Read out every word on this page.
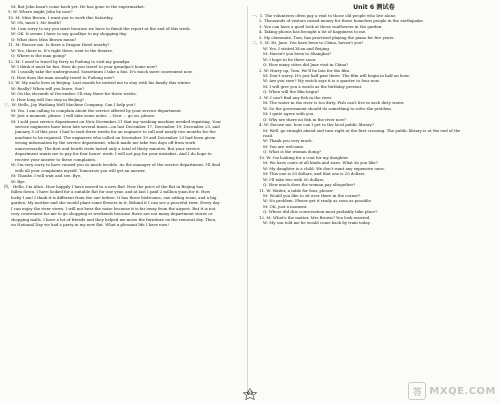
M: But John hasn't come back yet. He has gone to the supermarket.
9. W: Where might John be now?
10. M: Miss Brown, I want you to work this Saturday.
W: Oh, must I, Mr Smith?
M: I am sorry to say you must because we have to finish the report at the end of this week.
W: OK. It seems I have to say goodbye to my shopping day.
Q: What does Miss Brown mean?
11. M: Excuse me. Is there a Dragon Hotel nearby?
W: Yes, there is. It's right there, next to the theatre.
Q: Where is the man going?
12. M: I used to travel by ferry in Pudong to visit my grandpa.
W: I think it must be fun. How do you travel to your grandpa's home now?
M: I usually take the underground. Sometimes I take a bus. It's much more convenient now.
Q: How does the man usually travel to Pudong now?
13. W: My uncle lives in Beijing. Last month he invited me to stay with his family this winter.
W: Really? When will you leave, Sue?
W: On the eleventh of December. I'll stay there for three weeks.
Q: How long will Sue stay in Beijing?
三、W: Hello, Joy Washing Well Machine Company. Can I help you?
M: Yes. I am calling to complain about the service offered by your service department.
W: Just a moment, please. I will take some notes. ...Now ... go on, please.
M: I sold your service department on New November 21 that my washing machine needed repairing. Your
service engineers have been late several times—on last December 17, December 19, December 23, and
January 5 of this year. I had to wait three weeks for an engineer to call and nearly two months for the
machine to be repaired. The engineers who called on December 19 and December 23 had been given
wrong information by the service department, which made me take two days off from work
unnecessarily. The first and fourth visits lasted only a total of thirty minutes. But your service
department wants me to pay for four hours' work. I will not pay for your mistakes. And I do hope to
receive your answer to these complaints.
W: I'm very sorry to have caused you so much trouble. As the manager of the service department, I'll deal
with all your complaints myself. Tomorrow you will get an answer.
M: Thanks. I will wait and see. Bye.
W: Bye.
四、 Hello, I'm Alice. How happily I have moved to a new flat! Now the price of the flat in Beijing has
fallen down. I have looked for a suitable flat for one year, and at last I paid 2 million yuan for it. How
lucky I am! I think it is different from the one before. It has three bedrooms, one sitting room, and a big
garden. My mother and she would plant some flowers in it. Behind it I can see a peaceful river. Every day
I can enjoy the river views. I will not hear the noise because it is far away from the airport. But it is not
very convenient for me to go shopping at weekends because there are not many department stores or
shopping malls. I have a lot of friends and they helped me move the furniture on the removal day. Then,
on National Day we had a party in my new flat. What a pleasant life I have now!
Unit 6 测试卷
一、1. The volunteers often pay a visit to those old people who live alone.
2. Thousands of visitors raised money for those homeless people in the earthquake.
3. You can have a good look at those sunflowers in the garden.
4. Taking photos has brought a lot of happiness to me.
5. My classmate, Tom, has practised playing the piano for five years.
二、1. M: Hi, Jane. You have been to China, haven't you?
W: Yes, I visited Xi'an and Beijing.
M: Haven't you been to Shanghai?
W: I hope to be there soon.
Q: How many cities did Jane visit in China?
2. W: Hurry up, Tom. We'll be late for the film.
M: Don't worry. It's just half past three. The film will begin in half an hour.
W: Are you sure? My watch says it is a quarter to four now.
M: I will give you a watch as the birthday present.
Q: When will the film begin?
3. W: I can't find any fish in the river.
M: The water in the river is too dirty. Fish can't live in such dirty water.
W: So the government should do something to solve the problem.
M: I quite agree with you.
Q: Why are there no fish in the river now?
4. W: Excuse me, how can I get to the local public library?
M: Well, go straight ahead and turn right at the first crossing. The public library is at the end of the
road.
W: Thank you very much.
M: You are welcome.
Q: What is the woman doing?
10. W: I'm looking for a coat for my daughter.
M: We have coats of all kinds and sizes. What do you like?
W: My daughter is a child. We don't want any expensive ones.
M: This one is 50 dollars, and that one is 25 dollars.
W: I'll take two with 50 dollars.
Q: How much does the woman pay altogether?
11. W: Waiter, a table for four, please!
M: Would you like to sit over there in the corner?
W: No problem. Please get it ready as soon as possible.
M: OK, just a moment.
Q: Where did this conversation most probably take place?
12. M: What's the matter, Mrs Brown? You look worried.
W: My son told me he would come back by train today.
93	答 MXQE.COM
